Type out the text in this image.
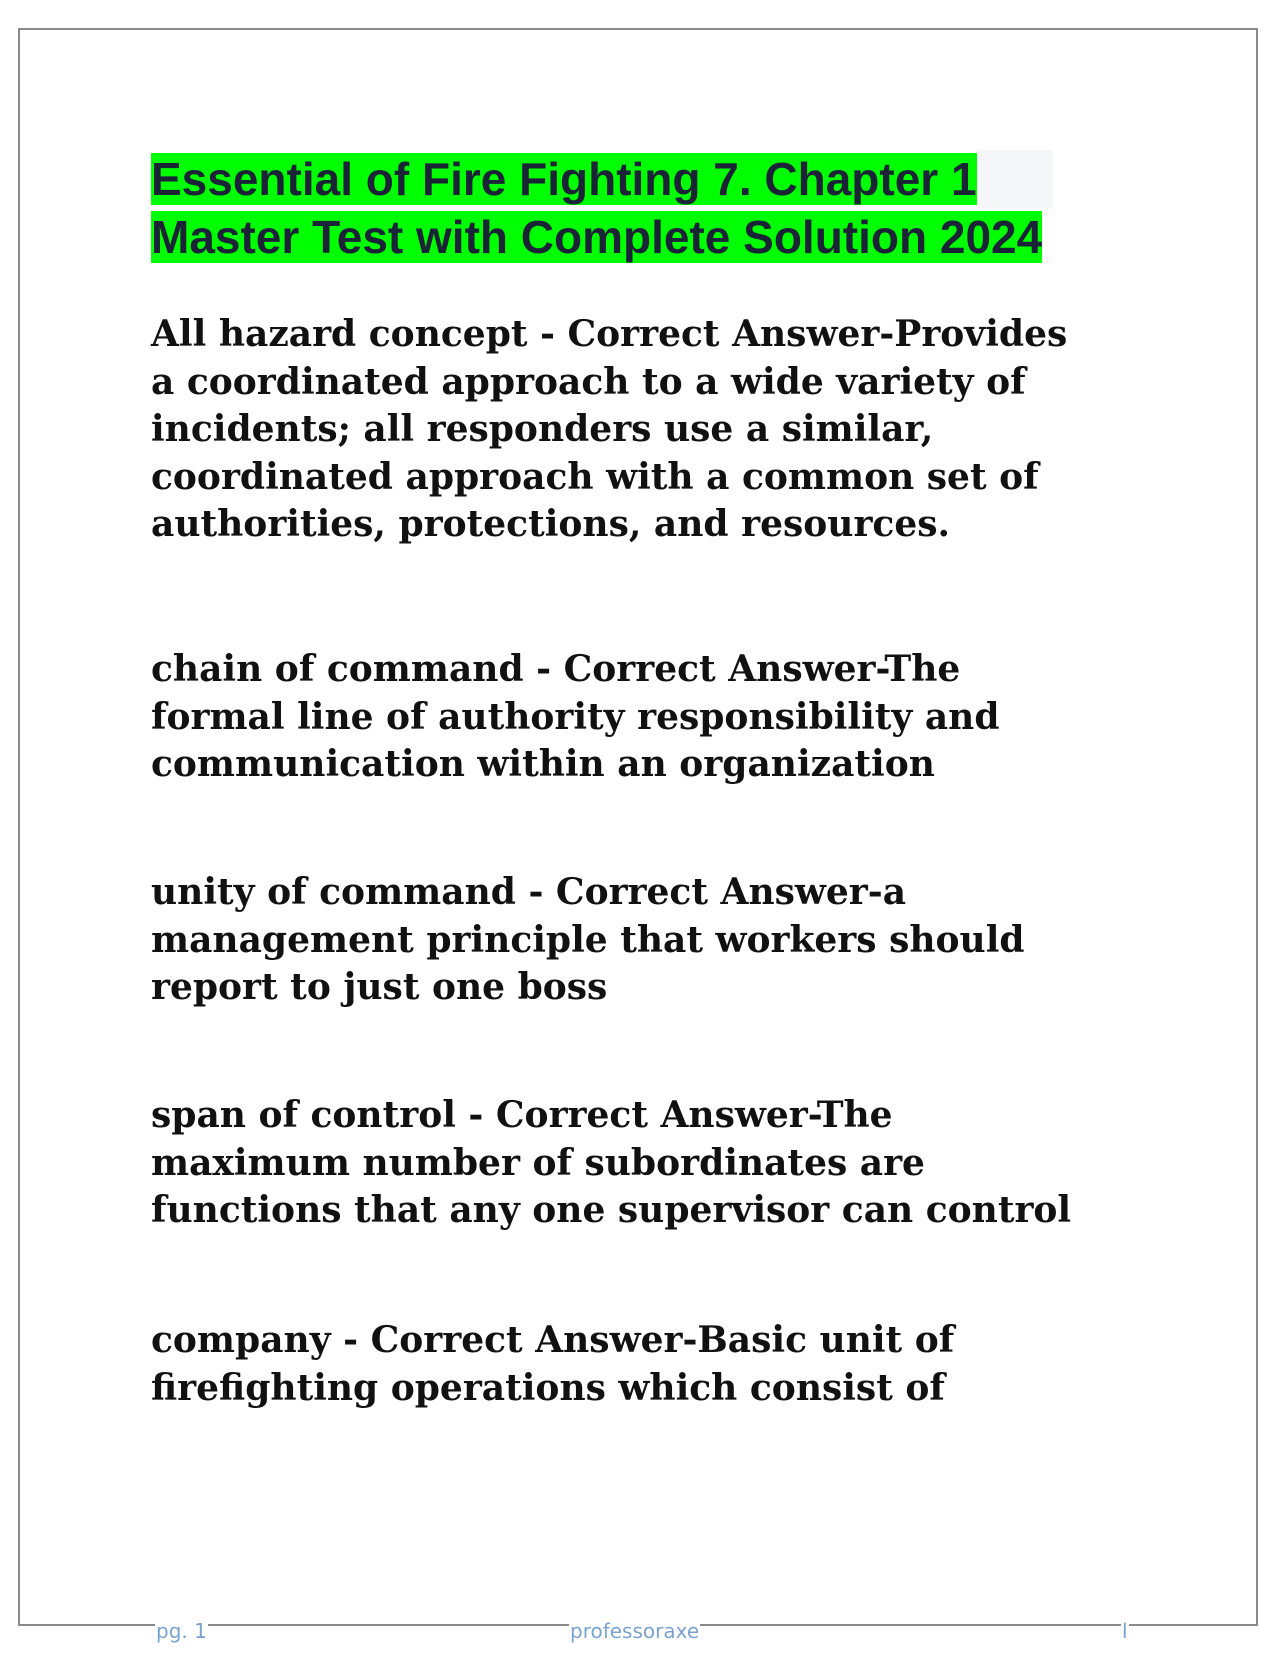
Essential of Fire Fighting 7. Chapter 1
Master Test with Complete Solution 2024

All hazard concept - Correct Answer-Provides
a coordinated approach to a wide variety of
incidents; all responders use a similar,
coordinated approach with a common set of
authorities, protections, and resources.

chain of command - Correct Answer-The
formal line of authority responsibility and
communication within an organization

unity of command - Correct Answer-a
management principle that workers should
report to just one boss

span of control - Correct Answer-The
maximum number of subordinates are
functions that any one supervisor can control

company - Correct Answer-Basic unit of
firefighting operations which consist of

pg. 1	professoraxe	l
